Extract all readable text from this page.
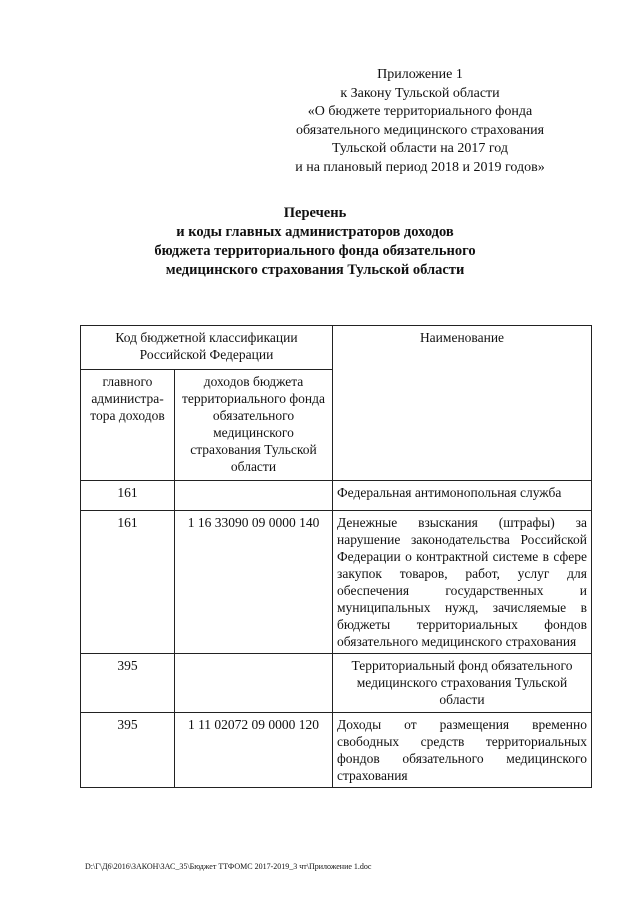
Приложение 1
к Закону Тульской области
«О бюджете территориального фонда
обязательного медицинского страхования
Тульской области на 2017 год
и на плановый период 2018 и 2019 годов»
Перечень
и коды главных администраторов доходов
бюджета территориального фонда обязательного
медицинского страхования Тульской области
Код бюджетной классификации Российской Федерации		Наименование
главного администра-тора доходов	доходов бюджета территориального фонда обязательного медицинского страхования Тульской области	
161		Федеральная антимонопольная служба
161	1 16 33090 09 0000 140	Денежные взыскания (штрафы) за нарушение законодательства Российской Федерации о контрактной системе в сфере закупок товаров, работ, услуг для обеспечения государственных и муниципальных нужд, зачисляемые в бюджеты территориальных фондов обязательного медицинского страхования
395		Территориальный фонд обязательного медицинского страхования Тульской области
395	1 11 02072 09 0000 120	Доходы от размещения временно свободных средств территориальных фондов обязательного медицинского страхования
D:\Г\Д6\2016\ЗАКОН\ЗАС_35\Бюджет ТТФОМС 2017-2019_3 чт\Приложение 1.doc
